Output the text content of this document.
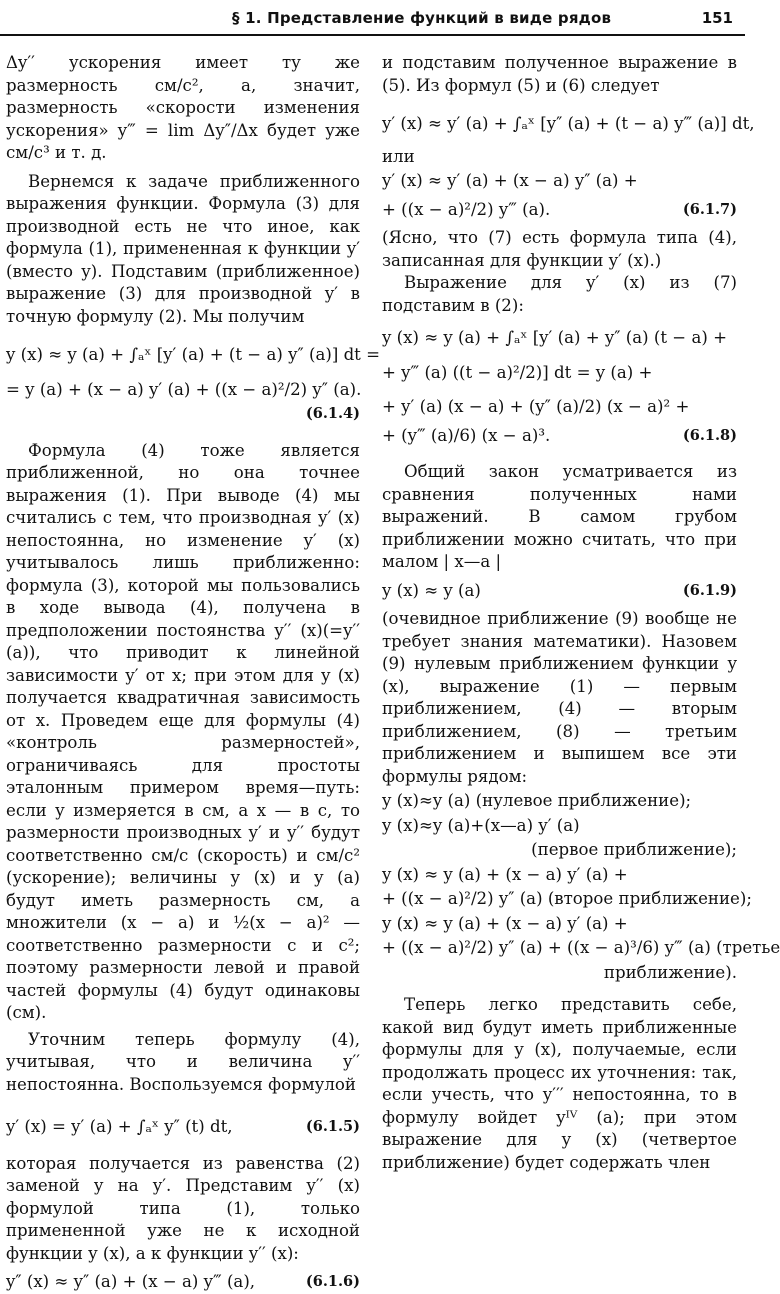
§ 1. Представление функций в виде рядов	151

Δy′′ ускорения имеет ту же размерность см/с², а, значит, размерность «скорости изменения ускорения» y‴ = lim Δy″/Δx будет уже см/с³ и т. д.

Вернемся к задаче приближенного выражения функции. Формула (3) для производной есть не что иное, как формула (1), примененная к функции y′ (вместо y). Подставим (приближенное) выражение (3) для производной y′ в точную формулу (2). Мы получим

y (x) ≈ y (a) + ∫ₐˣ [y′ (a) + (t − a) y″ (a)] dt =
= y (a) + (x − a) y′ (a) + ((x − a)²/2) y″ (a).
(6.1.4)

Формула (4) тоже является приближенной, но она точнее выражения (1). При выводе (4) мы считались с тем, что производная y′ (x) непостоянна, но изменение y′ (x) учитывалось лишь приближенно: формула (3), которой мы пользовались в ходе вывода (4), получена в предположении постоянства y′′ (x)(=y′′ (a)), что приводит к линейной зависимости y′ от x; при этом для y (x) получается квадратичная зависимость от x. Проведем еще для формулы (4) «контроль размерностей», ограничиваясь для простоты эталонным примером время—путь: если y измеряется в см, а x — в с, то размерности производных y′ и y′′ будут соответственно см/с (скорость) и см/с² (ускорение); величины y (x) и y (a) будут иметь размерность см, а множители (x − a) и ½(x − a)² — соответственно размерности с и с²; поэтому размерности левой и правой частей формулы (4) будут одинаковы (см).

Уточним теперь формулу (4), учитывая, что и величина y′′ непостоянна. Воспользуемся формулой

y′ (x) = y′ (a) + ∫ₐˣ y″ (t) dt,	(6.1.5)

которая получается из равенства (2) заменой y на y′. Представим y′′ (x) формулой типа (1), только примененной уже не к исходной функции y (x), а к функции y′′ (x):

y″ (x) ≈ y″ (a) + (x − a) y‴ (a),	(6.1.6)

и подставим полученное выражение в (5). Из формул (5) и (6) следует

y′ (x) ≈ y′ (a) + ∫ₐˣ [y″ (a) + (t − a) y‴ (a)] dt,

или

y′ (x) ≈ y′ (a) + (x − a) y″ (a) +
+ ((x − a)²/2) y‴ (a).	(6.1.7)

(Ясно, что (7) есть формула типа (4), записанная для функции y′ (x).)

Выражение для y′ (x) из (7) подставим в (2):

y (x) ≈ y (a) + ∫ₐˣ [y′ (a) + y″ (a) (t − a) +
+ y‴ (a) ((t − a)²/2)] dt = y (a) +
+ y′ (a) (x − a) + (y″ (a)/2) (x − a)² +
+ (y‴ (a)/6) (x − a)³.	(6.1.8)

Общий закон усматривается из сравнения полученных нами выражений. В самом грубом приближении можно считать, что при малом | x—a |

y (x) ≈ y (a)	(6.1.9)

(очевидное приближение (9) вообще не требует знания математики). Назовем (9) нулевым приближением функции y (x), выражение (1) — первым приближением, (4) — вторым приближением, (8) — третьим приближением и выпишем все эти формулы рядом:

y (x)≈y (a) (нулевое приближение);
y (x)≈y (a)+(x—a) y′ (a)
(первое приближение);
y (x) ≈ y (a) + (x − a) y′ (a) +
+ ((x − a)²/2) y″ (a) (второе приближение);
y (x) ≈ y (a) + (x − a) y′ (a) +
+ ((x − a)²/2) y″ (a) + ((x − a)³/6) y‴ (a) (третье
приближение).

Теперь легко представить себе, какой вид будут иметь приближенные формулы для y (x), получаемые, если продолжать процесс их уточнения: так, если учесть, что y′′′ непостоянна, то в формулу войдет yᴵⱽ (a); при этом выражение для y (x) (четвертое приближение) будет содержать член
